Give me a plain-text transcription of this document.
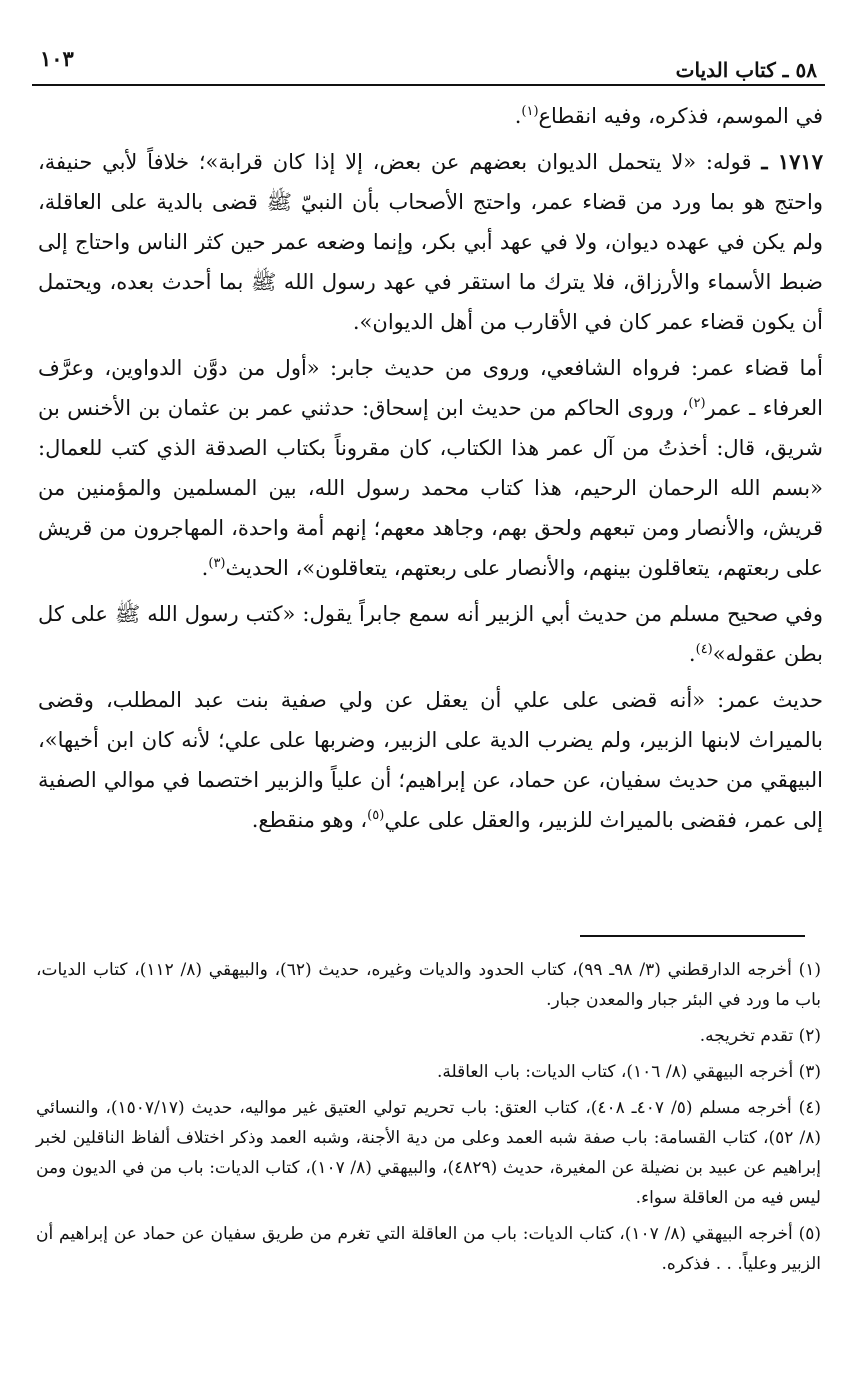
٥٨ ـ كتاب الديات
١٠٣

في الموسم، فذكره، وفيه انقطاع$^{(١)}$.

١٧١٧ ـ قوله: «لا يتحمل الديوان بعضهم عن بعض، إلا إذا كان قرابة»؛ خلافاً لأبي حنيفة، واحتج هو بما ورد من قضاء عمر، واحتج الأصحاب بأن النبيّ ﷺ قضى بالدية على العاقلة، ولم يكن في عهده ديوان، ولا في عهد أبي بكر، وإنما وضعه عمر حين كثر الناس واحتاج إلى ضبط الأسماء والأرزاق، فلا يترك ما استقر في عهد رسول الله ﷺ بما أحدث بعده، ويحتمل أن يكون قضاء عمر كان في الأقارب من أهل الديوان».

أما قضاء عمر: فرواه الشافعي، وروى من حديث جابر: «أول من دوَّن الدواوين، وعرَّف العرفاء ـ عمر$^{(٢)}$، وروى الحاكم من حديث ابن إسحاق: حدثني عمر بن عثمان بن الأخنس بن شريق، قال: أخذتُ من آل عمر هذا الكتاب، كان مقروناً بكتاب الصدقة الذي كتب للعمال: «بسم الله الرحمان الرحيم، هذا كتاب محمد رسول الله، بين المسلمين والمؤمنين من قريش، والأنصار ومن تبعهم ولحق بهم، وجاهد معهم؛ إنهم أمة واحدة، المهاجرون من قريش على ربعتهم، يتعاقلون بينهم، والأنصار على ربعتهم، يتعاقلون»، الحديث$^{(٣)}$.

وفي صحيح مسلم من حديث أبي الزبير أنه سمع جابراً يقول: «كتب رسول الله ﷺ على كل بطن عقوله»$^{(٤)}$.

حديث عمر: «أنه قضى على علي أن يعقل عن ولي صفية بنت عبد المطلب، وقضى بالميراث لابنها الزبير، ولم يضرب الدية على الزبير، وضربها على علي؛ لأنه كان ابن أخيها»، البيهقي من حديث سفيان، عن حماد، عن إبراهيم؛ أن علياً والزبير اختصما في موالي الصفية إلى عمر، فقضى بالميراث للزبير، والعقل على علي$^{(٥)}$، وهو منقطع.

(١) أخرجه الدارقطني (٣/ ٩٨ـ ٩٩)، كتاب الحدود والديات وغيره، حديث (٦٢)، والبيهقي (٨/ ١١٢)، كتاب الديات، باب ما ورد في البئر جبار والمعدن جبار.

(٢) تقدم تخريجه.

(٣) أخرجه البيهقي (٨/ ١٠٦)، كتاب الديات: باب العاقلة.

(٤) أخرجه مسلم (٥/ ٤٠٧ـ ٤٠٨)، كتاب العتق: باب تحريم تولي العتيق غير مواليه، حديث (١٥٠٧/١٧)، والنسائي (٨/ ٥٢)، كتاب القسامة: باب صفة شبه العمد وعلى من دية الأجنة، وشبه العمد وذكر اختلاف ألفاظ الناقلين لخبر إبراهيم عن عبيد بن نضيلة عن المغيرة، حديث (٤٨٢٩)، والبيهقي (٨/ ١٠٧)، كتاب الديات: باب من في الديون ومن ليس فيه من العاقلة سواء.

(٥) أخرجه البيهقي (٨/ ١٠٧)، كتاب الديات: باب من العاقلة التي تغرم من طريق سفيان عن حماد عن إبراهيم أن الزبير وعلياً. . . فذكره.
